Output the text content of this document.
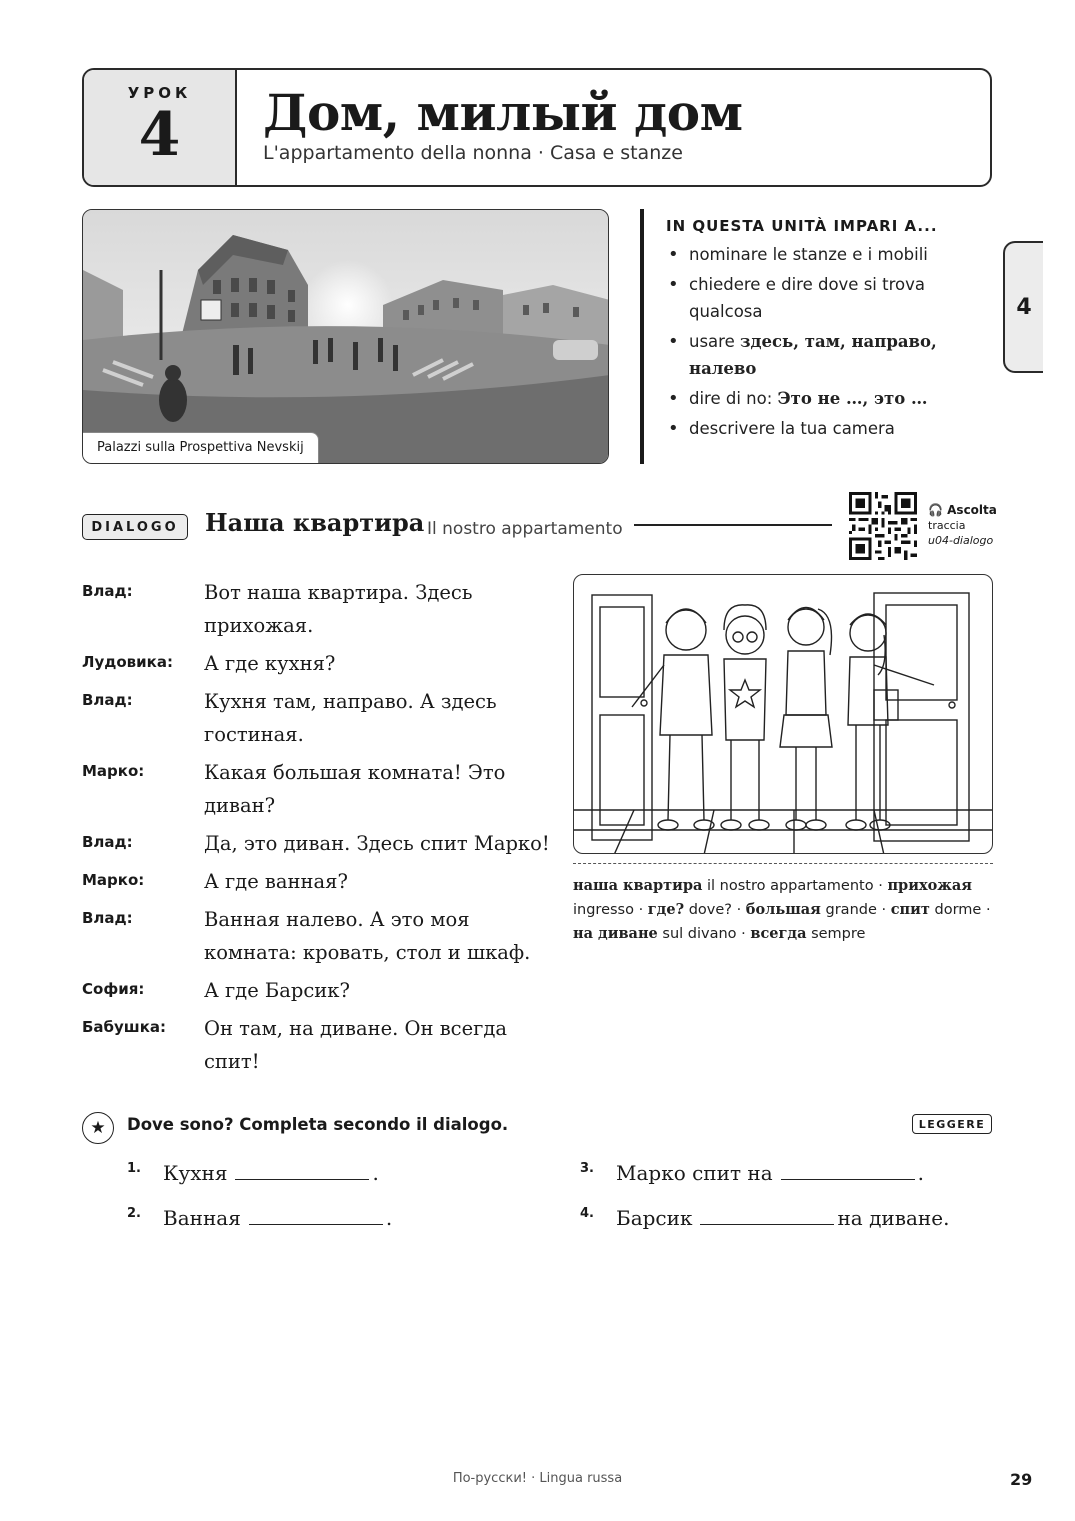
УРОК
4 Дом, милый дом
L'appartamento della nonna · Casa e stanze
4
Palazzi sulla Prospettiva Nevskij
IN QUESTA UNITÀ IMPARI A...
• nominare le stanze e i mobili
• chiedere e dire dove si trova qualcosa
• usare здесь, там, направо, налево
• dire di no: Это не …, это …
• descrivere la tua camera
DIALOGO	Наша квартира Il nostro appartamento
🎧 Ascolta
traccia
u04-dialogo
Влад:	Вот наша квартира. Здесь прихожая.
Лудовика:	А где кухня?
Влад:	Кухня там, направо. А здесь гостиная.
Марко:	Какая большая комната! Это диван?
Влад:	Да, это диван. Здесь спит Марко!
Марко:	А где ванная?
Влад:	Ванная налево. А это моя комната: кровать, стол и шкаф.
София:	А где Барсик?
Бабушка:	Он там, на диване. Он всегда спит!
наша квартира il nostro appartamento · прихожая ingresso · где? dove? · большая grande · спит dorme · на диване sul divano · всегда sempre
★	Dove sono? Completa secondo il dialogo.	LEGGERE
1.	Кухня	.
2.	Ванная	.
3.	Марко спит на	.
4.	Барсик	на диване.
По-русски! · Lingua russa	29
